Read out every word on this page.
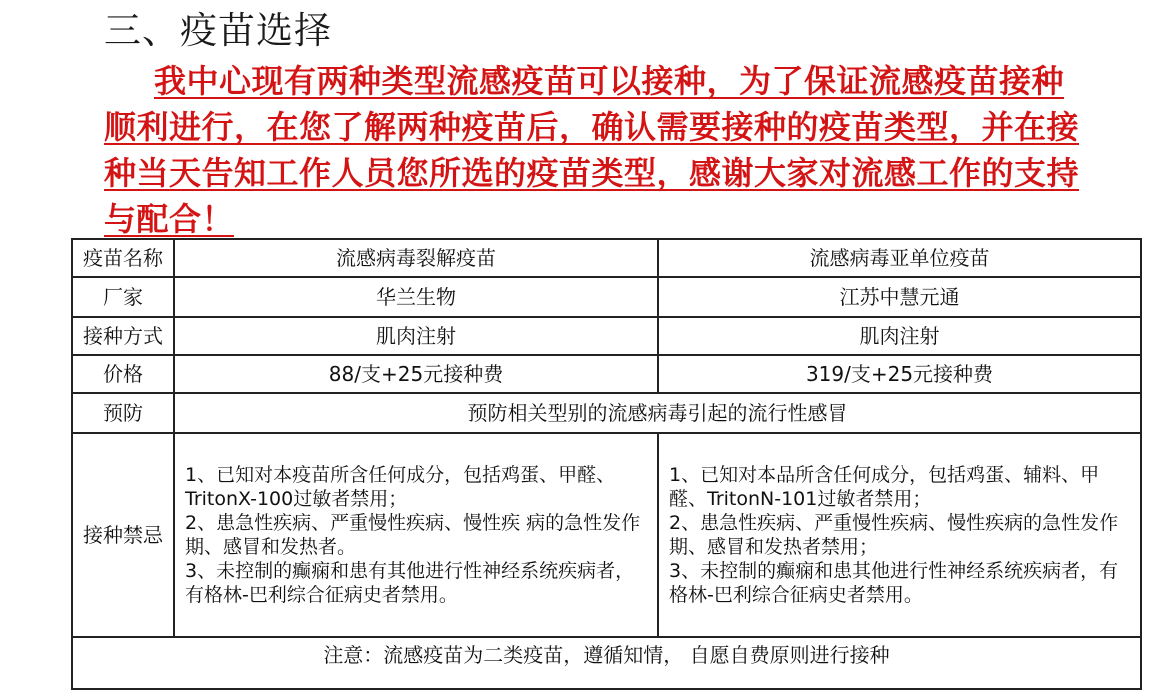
三、疫苗选择

我中心现有两种类型流感疫苗可以接种，为了保证流感疫苗接种顺利进行，在您了解两种疫苗后，确认需要接种的疫苗类型，并在接种当天告知工作人员您所选的疫苗类型，感谢大家对流感工作的支持与配合！

疫苗名称	流感病毒裂解疫苗	流感病毒亚单位疫苗
厂家	华兰生物	江苏中慧元通
接种方式	肌肉注射	肌肉注射
价格	88/支+25元接种费	319/支+25元接种费
预防	预防相关型别的流感病毒引起的流行性感冒	
接种禁忌	1、已知对本疫苗所含任何成分，包括鸡蛋、甲醛、TritonX-100过敏者禁用；
2、患急性疾病、严重慢性疾病、慢性疾 病的急性发作期、感冒和发热者。
3、未控制的癫痫和患有其他进行性神经系统疾病者，有格林-巴利综合征病史者禁用。	1、已知对本品所含任何成分，包括鸡蛋、辅料、甲醛、TritonN-101过敏者禁用；
2、患急性疾病、严重慢性疾病、慢性疾病的急性发作期、感冒和发热者禁用；
3、未控制的癫痫和患其他进行性神经系统疾病者，有格林-巴利综合征病史者禁用。

注意：流感疫苗为二类疫苗，遵循知情， 自愿自费原则进行接种		
